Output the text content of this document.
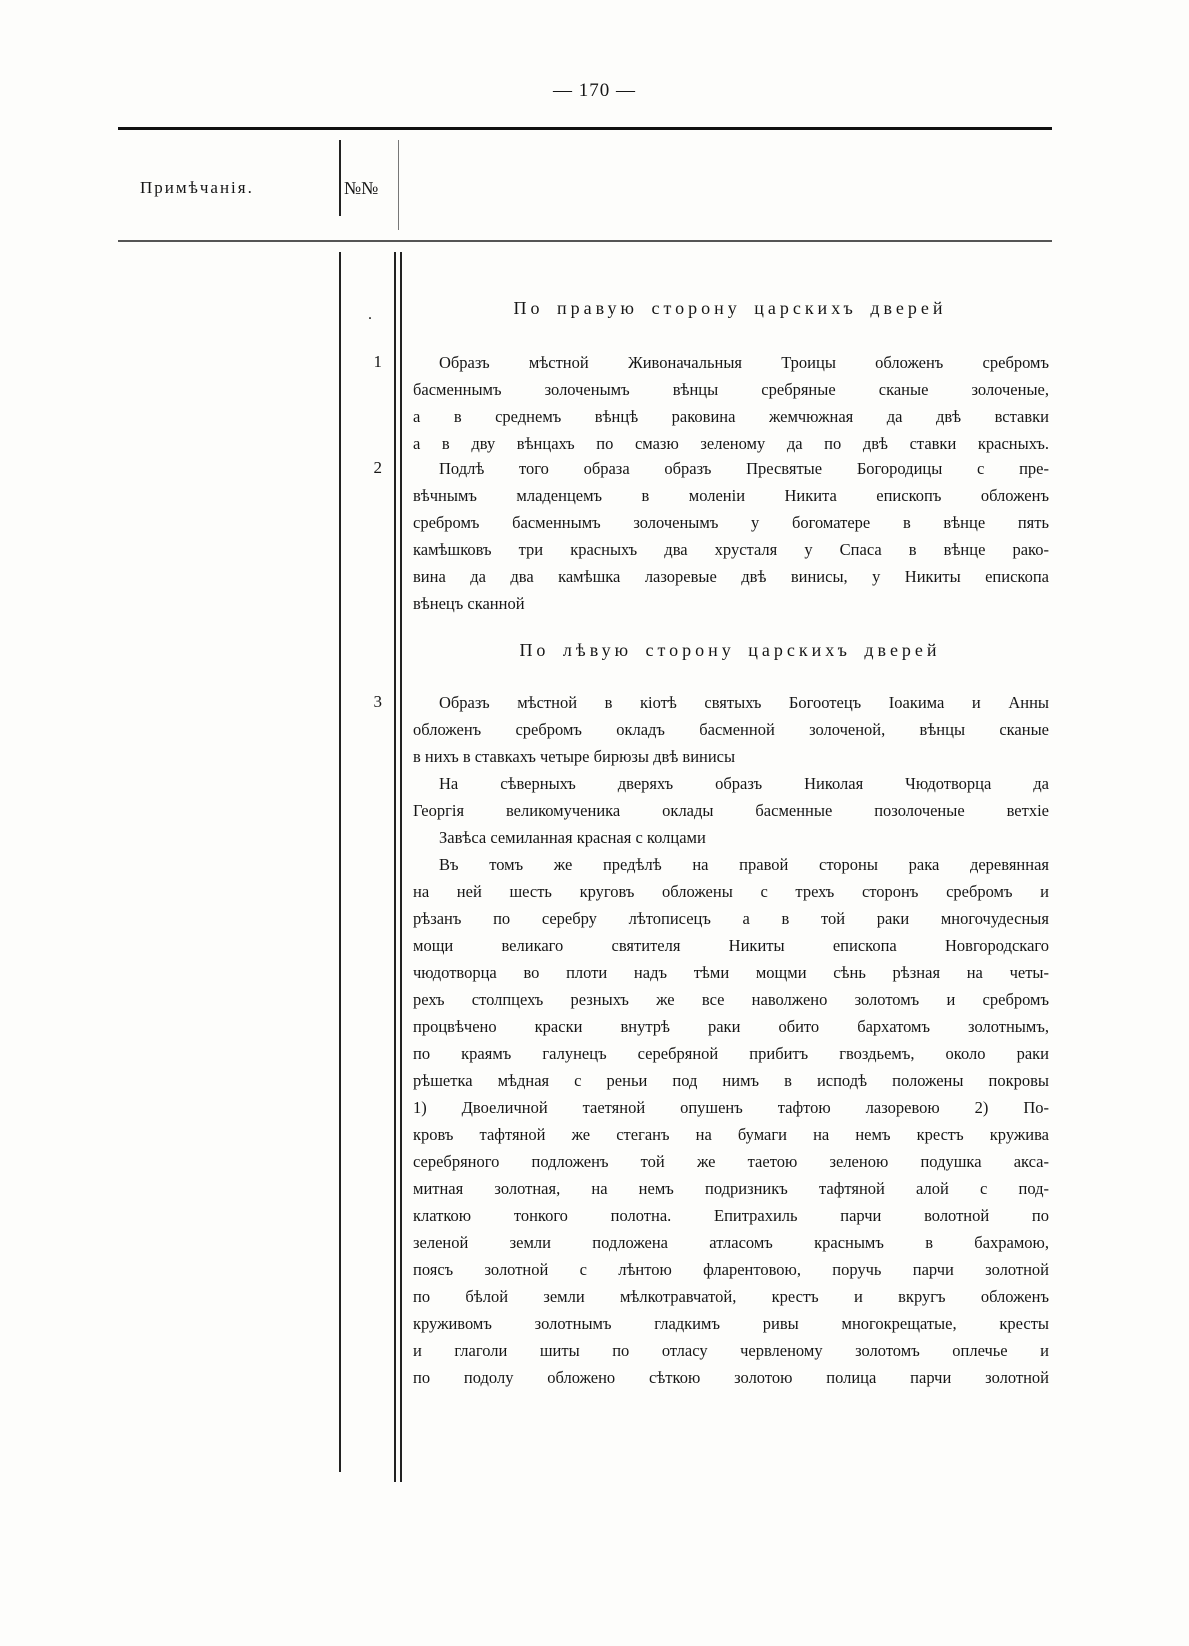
— 170 —
Примѣчанія.	№№
.	По правую сторону царскихъ дверей
1	Образъ мѣстной Живоначальныя Троицы обложенъ сребромъ
басменнымъ золоченымъ вѣнцы сребряные сканые золоченые,
а в среднемъ вѣнцѣ раковина жемчюжная да двѣ вставки
а в дву вѣнцахъ по смазю зеленому да по двѣ ставки красныхъ.
2	Подлѣ того образа образъ Пресвятые Богородицы с пре-
вѣчнымъ младенцемъ в моленіи Никита епископъ обложенъ
сребромъ басменнымъ золоченымъ у богоматере в вѣнце пять
камѣшковъ три красныхъ два хрусталя у Спаса в вѣнце рако-
вина да два камѣшка лазоревые двѣ винисы, у Никиты епископа
вѣнецъ сканной
По лѣвую сторону царскихъ дверей
3	Образъ мѣстной в кіотѣ святыхъ Богоотецъ Іоакима и Анны
обложенъ сребромъ окладъ басменной золоченой, вѣнцы сканые
в нихъ в ставкахъ четыре бирюзы двѣ винисы
На сѣверныхъ дверяхъ образъ Николая Чюдотворца да
Георгія великомученика оклады басменные позолоченые ветхіе
Завѣса семиланная красная с колцами
Въ томъ же предѣлѣ на правой стороны рака деревянная
на ней шесть круговъ обложены с трехъ сторонъ сребромъ и
рѣзанъ по серебру лѣтописецъ а в той раки многочудесныя
мощи великаго святителя Никиты епископа Новгородскаго
чюдотворца во плоти надъ тѣми мощми сѣнь рѣзная на четы-
рехъ столпцехъ резныхъ же все наволжено золотомъ и сребромъ
процвѣчено краски внутрѣ раки обито бархатомъ золотнымъ,
по краямъ галунецъ серебряной прибитъ гвоздьемъ, около раки
рѣшетка мѣдная с реньи под нимъ в исподѣ положены покровы
1) Двоеличной таетяной опушенъ тафтою лазоревою 2) По-
кровъ тафтяной же стеганъ на бумаги на немъ крестъ кружива
серебряного подложенъ той же таетою зеленою подушка акса-
митная золотная, на немъ подризникъ тафтяной алой с под-
клаткою тонкого полотна. Епитрахиль парчи волотной по
зеленой земли подложена атласомъ краснымъ в бахрамою,
поясъ золотной с лѣнтою фларентовою, поручь парчи золотной
по бѣлой земли мѣлкотравчатой, крестъ и вкругъ обложенъ
круживомъ золотнымъ гладкимъ ривы многокрещатые, кресты
и глаголи шиты по отласу червленому золотомъ оплечье и
по подолу обложено сѣткою золотою полица парчи золотной
